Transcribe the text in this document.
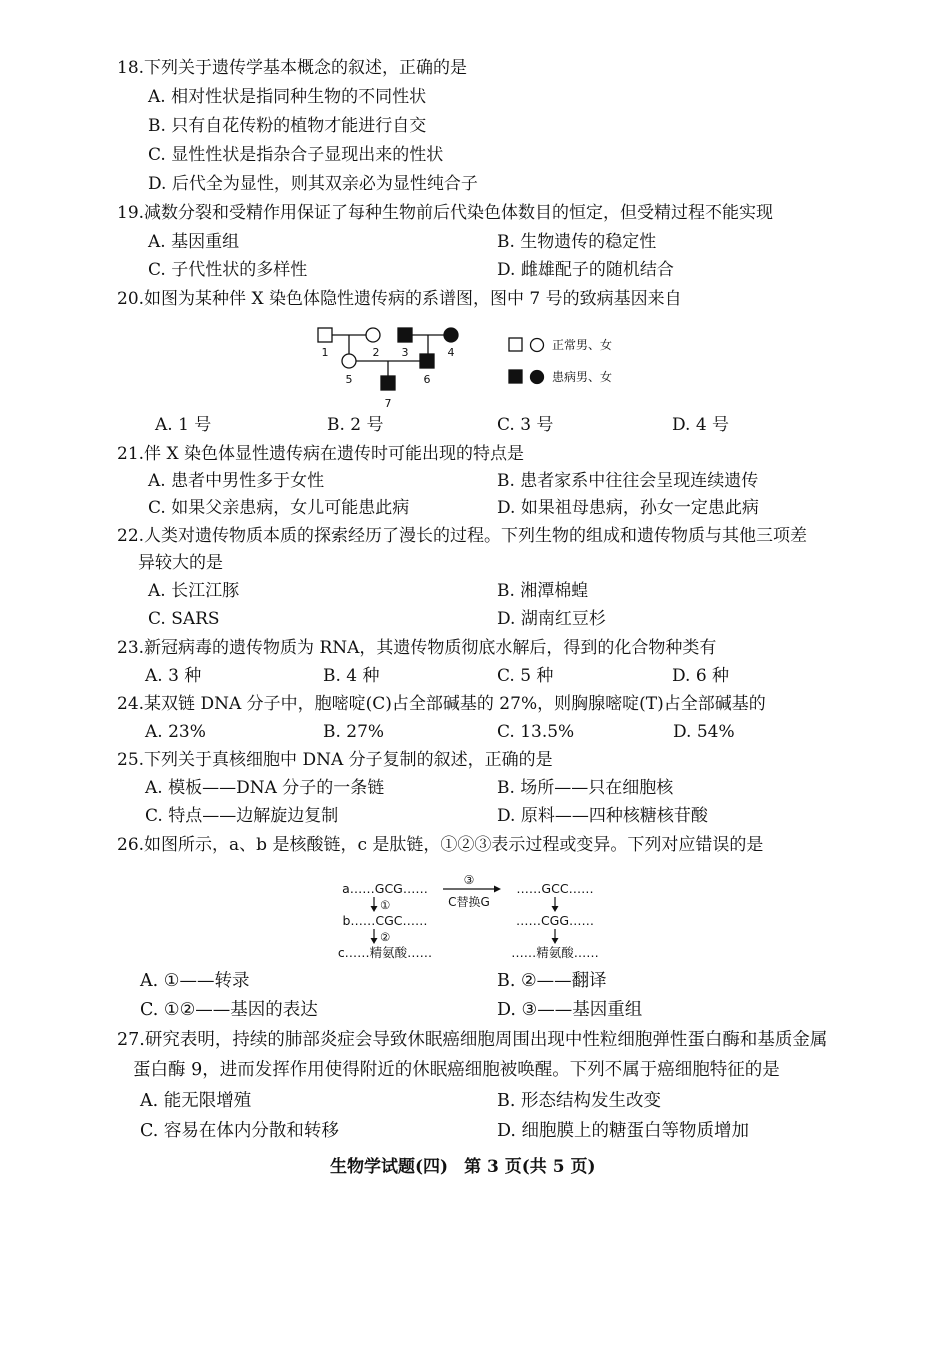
18.下列关于遗传学基本概念的叙述，正确的是
A. 相对性状是指同种生物的不同性状
B. 只有自花传粉的植物才能进行自交
C. 显性性状是指杂合子显现出来的性状
D. 后代全为显性，则其双亲必为显性纯合子
19.减数分裂和受精作用保证了每种生物前后代染色体数目的恒定，但受精过程不能实现
A. 基因重组	B. 生物遗传的稳定性
C. 子代性状的多样性	D. 雌雄配子的随机结合
20.如图为某种伴 X 染色体隐性遗传病的系谱图，图中 7 号的致病基因来自
1	2 3	4
5	6
7
正常男、女
患病男、女
A. 1 号	B. 2 号	C. 3 号	D. 4 号
21.伴 X 染色体显性遗传病在遗传时可能出现的特点是
A. 患者中男性多于女性	B. 患者家系中往往会呈现连续遗传
C. 如果父亲患病，女儿可能患此病	D. 如果祖母患病，孙女一定患此病
22.人类对遗传物质本质的探索经历了漫长的过程。下列生物的组成和遗传物质与其他三项差
异较大的是
A. 长江江豚	B. 湘潭棉蝗
C. SARS	D. 湖南红豆杉
23.新冠病毒的遗传物质为 RNA，其遗传物质彻底水解后，得到的化合物种类有
A. 3 种	B. 4 种	C. 5 种	D. 6 种
24.某双链 DNA 分子中，胞嘧啶(C)占全部碱基的 27%，则胸腺嘧啶(T)占全部碱基的
A. 23%	B. 27%	C. 13.5%	D. 54%
25.下列关于真核细胞中 DNA 分子复制的叙述，正确的是
A. 模板——DNA 分子的一条链	B. 场所——只在细胞核
C. 特点——边解旋边复制	D. 原料——四种核糖核苷酸
26.如图所示，a、b 是核酸链，c 是肽链，①②③表示过程或变异。下列对应错误的是
a……GCG……
①
b……CGC……
②
c……精氨酸……
③
C替换G
……GCC……
……CGG……
……精氨酸……
A. ①——转录	B. ②——翻译
C. ①②——基因的表达	D. ③——基因重组
27.研究表明，持续的肺部炎症会导致休眠癌细胞周围出现中性粒细胞弹性蛋白酶和基质金属
蛋白酶 9，进而发挥作用使得附近的休眠癌细胞被唤醒。下列不属于癌细胞特征的是
A. 能无限增殖	B. 形态结构发生改变
C. 容易在体内分散和转移	D. 细胞膜上的糖蛋白等物质增加
生物学试题(四) 第 3 页(共 5 页)
